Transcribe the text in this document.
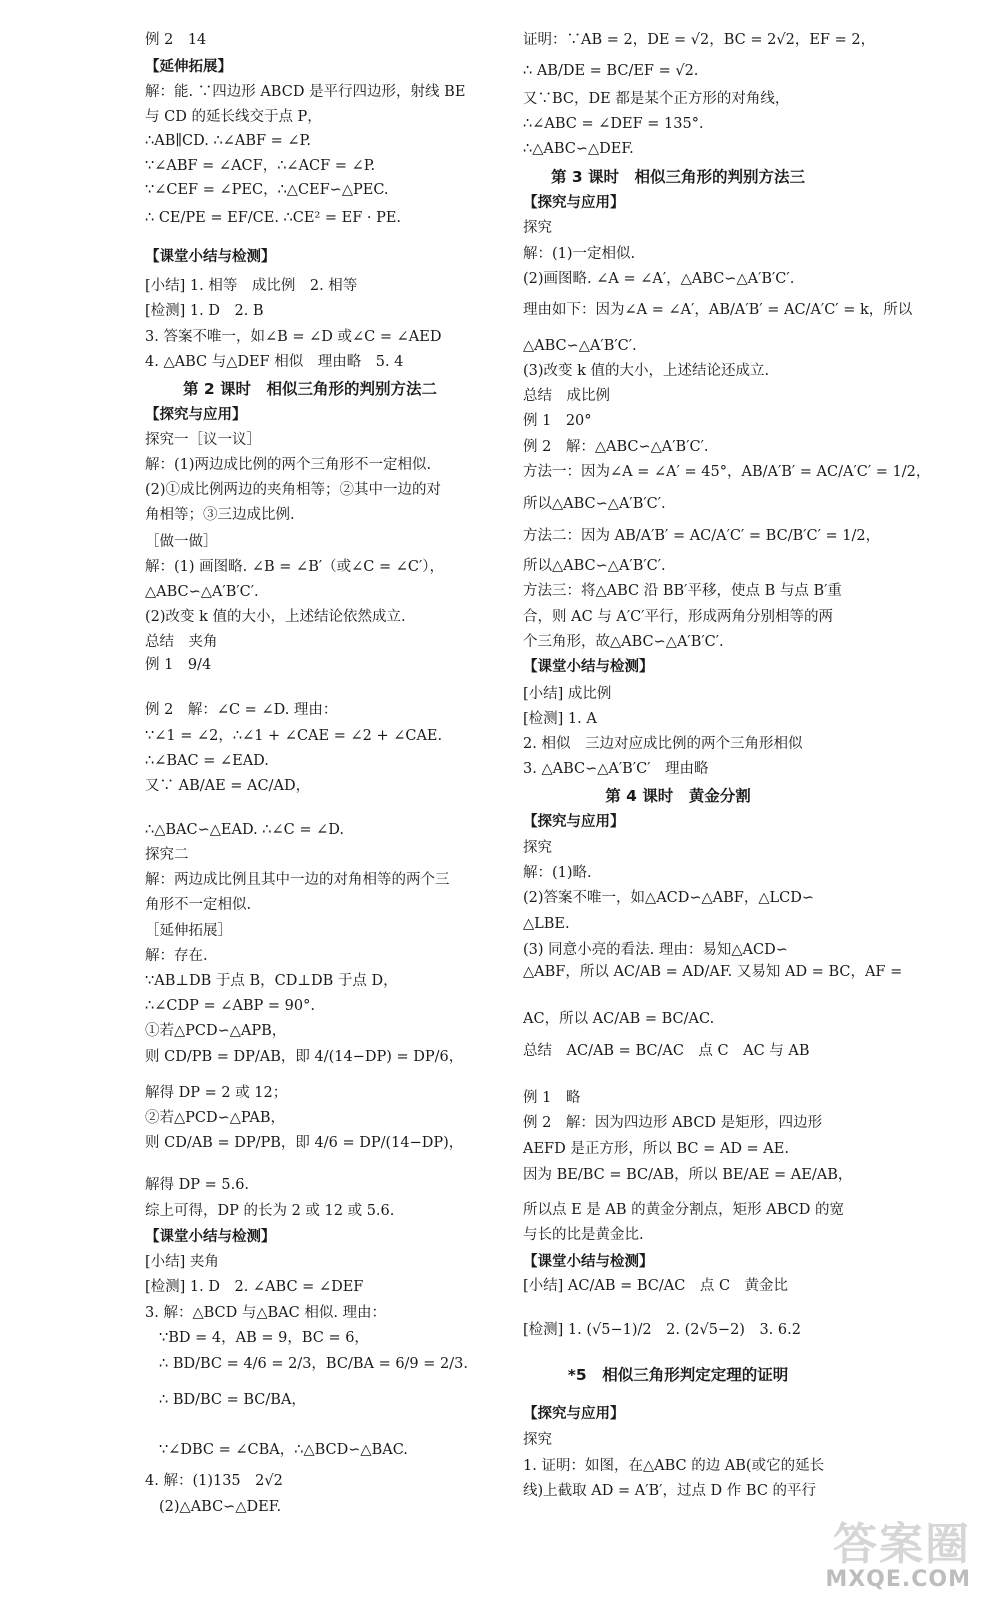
例 2　14
【延伸拓展】
解：能. ∵四边形 ABCD 是平行四边形，射线 BE
与 CD 的延长线交于点 P，
∴AB∥CD. ∴∠ABF = ∠P.
∵∠ABF = ∠ACF，∴∠ACF = ∠P.
∵∠CEF = ∠PEC，∴△CEF∽△PEC.
∴ CE/PE = EF/CE. ∴CE² = EF · PE.
【课堂小结与检测】
[小结] 1. 相等　成比例　2. 相等
[检测] 1. D　2. B
3. 答案不唯一，如∠B = ∠D 或∠C = ∠AED
4. △ABC 与△DEF 相似　理由略　5. 4
第 2 课时　相似三角形的判别方法二
【探究与应用】
探究一［议一议］
解：(1)两边成比例的两个三角形不一定相似.
(2)①成比例两边的夹角相等；②其中一边的对
角相等；③三边成比例.
［做一做］
解：(1) 画图略. ∠B = ∠B′（或∠C = ∠C′），
△ABC∽△A′B′C′.
(2)改变 k 值的大小，上述结论依然成立.
总结　夹角
例 1　9/4
例 2　解：∠C = ∠D. 理由：
∵∠1 = ∠2，∴∠1 + ∠CAE = ∠2 + ∠CAE.
∴∠BAC = ∠EAD.
又∵ AB/AE = AC/AD，
∴△BAC∽△EAD. ∴∠C = ∠D.
探究二
解：两边成比例且其中一边的对角相等的两个三
角形不一定相似.
［延伸拓展］
解：存在.
∵AB⊥DB 于点 B，CD⊥DB 于点 D，
∴∠CDP = ∠ABP = 90°.
①若△PCD∽△APB，
则 CD/PB = DP/AB，即 4/(14−DP) = DP/6，
解得 DP = 2 或 12；
②若△PCD∽△PAB，
则 CD/AB = DP/PB，即 4/6 = DP/(14−DP)，
解得 DP = 5.6.
综上可得，DP 的长为 2 或 12 或 5.6.
【课堂小结与检测】
[小结] 夹角
[检测] 1. D　2. ∠ABC = ∠DEF
3. 解：△BCD 与△BAC 相似. 理由：
∵BD = 4，AB = 9，BC = 6，
∴ BD/BC = 4/6 = 2/3，BC/BA = 6/9 = 2/3.
∴ BD/BC = BC/BA，
∵∠DBC = ∠CBA，∴△BCD∽△BAC.
4. 解：(1)135　2√2
(2)△ABC∽△DEF.
证明：∵AB = 2，DE = √2，BC = 2√2，EF = 2，
∴ AB/DE = BC/EF = √2.
又∵BC，DE 都是某个正方形的对角线，
∴∠ABC = ∠DEF = 135°.
∴△ABC∽△DEF.
第 3 课时　相似三角形的判别方法三
【探究与应用】
探究
解：(1)一定相似.
(2)画图略. ∠A = ∠A′，△ABC∽△A′B′C′.
理由如下：因为∠A = ∠A′，AB/A′B′ = AC/A′C′ = k，所以
△ABC∽△A′B′C′.
(3)改变 k 值的大小，上述结论还成立.
总结　成比例
例 1　20°
例 2　解：△ABC∽△A′B′C′.
方法一：因为∠A = ∠A′ = 45°，AB/A′B′ = AC/A′C′ = 1/2，
所以△ABC∽△A′B′C′.
方法二：因为 AB/A′B′ = AC/A′C′ = BC/B′C′ = 1/2，
所以△ABC∽△A′B′C′.
方法三：将△ABC 沿 BB′平移，使点 B 与点 B′重
合，则 AC 与 A′C′平行，形成两角分别相等的两
个三角形，故△ABC∽△A′B′C′.
【课堂小结与检测】
[小结] 成比例
[检测] 1. A
2. 相似　三边对应成比例的两个三角形相似
3. △ABC∽△A′B′C′　理由略
第 4 课时　黄金分割
【探究与应用】
探究
解：(1)略.
(2)答案不唯一，如△ACD∽△ABF，△LCD∽
△LBE.
(3) 同意小亮的看法. 理由：易知△ACD∽
△ABF，所以 AC/AB = AD/AF. 又易知 AD = BC，AF =
AC，所以 AC/AB = BC/AC.
总结　AC/AB = BC/AC　点 C　AC 与 AB
例 1　略
例 2　解：因为四边形 ABCD 是矩形，四边形
AEFD 是正方形，所以 BC = AD = AE.
因为 BE/BC = BC/AB，所以 BE/AE = AE/AB，
所以点 E 是 AB 的黄金分割点，矩形 ABCD 的宽
与长的比是黄金比.
【课堂小结与检测】
[小结] AC/AB = BC/AC　点 C　黄金比
[检测] 1. (√5−1)/2　2. (2√5−2)　3. 6.2
*5　相似三角形判定定理的证明
【探究与应用】
探究
1. 证明：如图，在△ABC 的边 AB(或它的延长
线)上截取 AD = A′B′，过点 D 作 BC 的平行
答案圈
MXQE.COM
